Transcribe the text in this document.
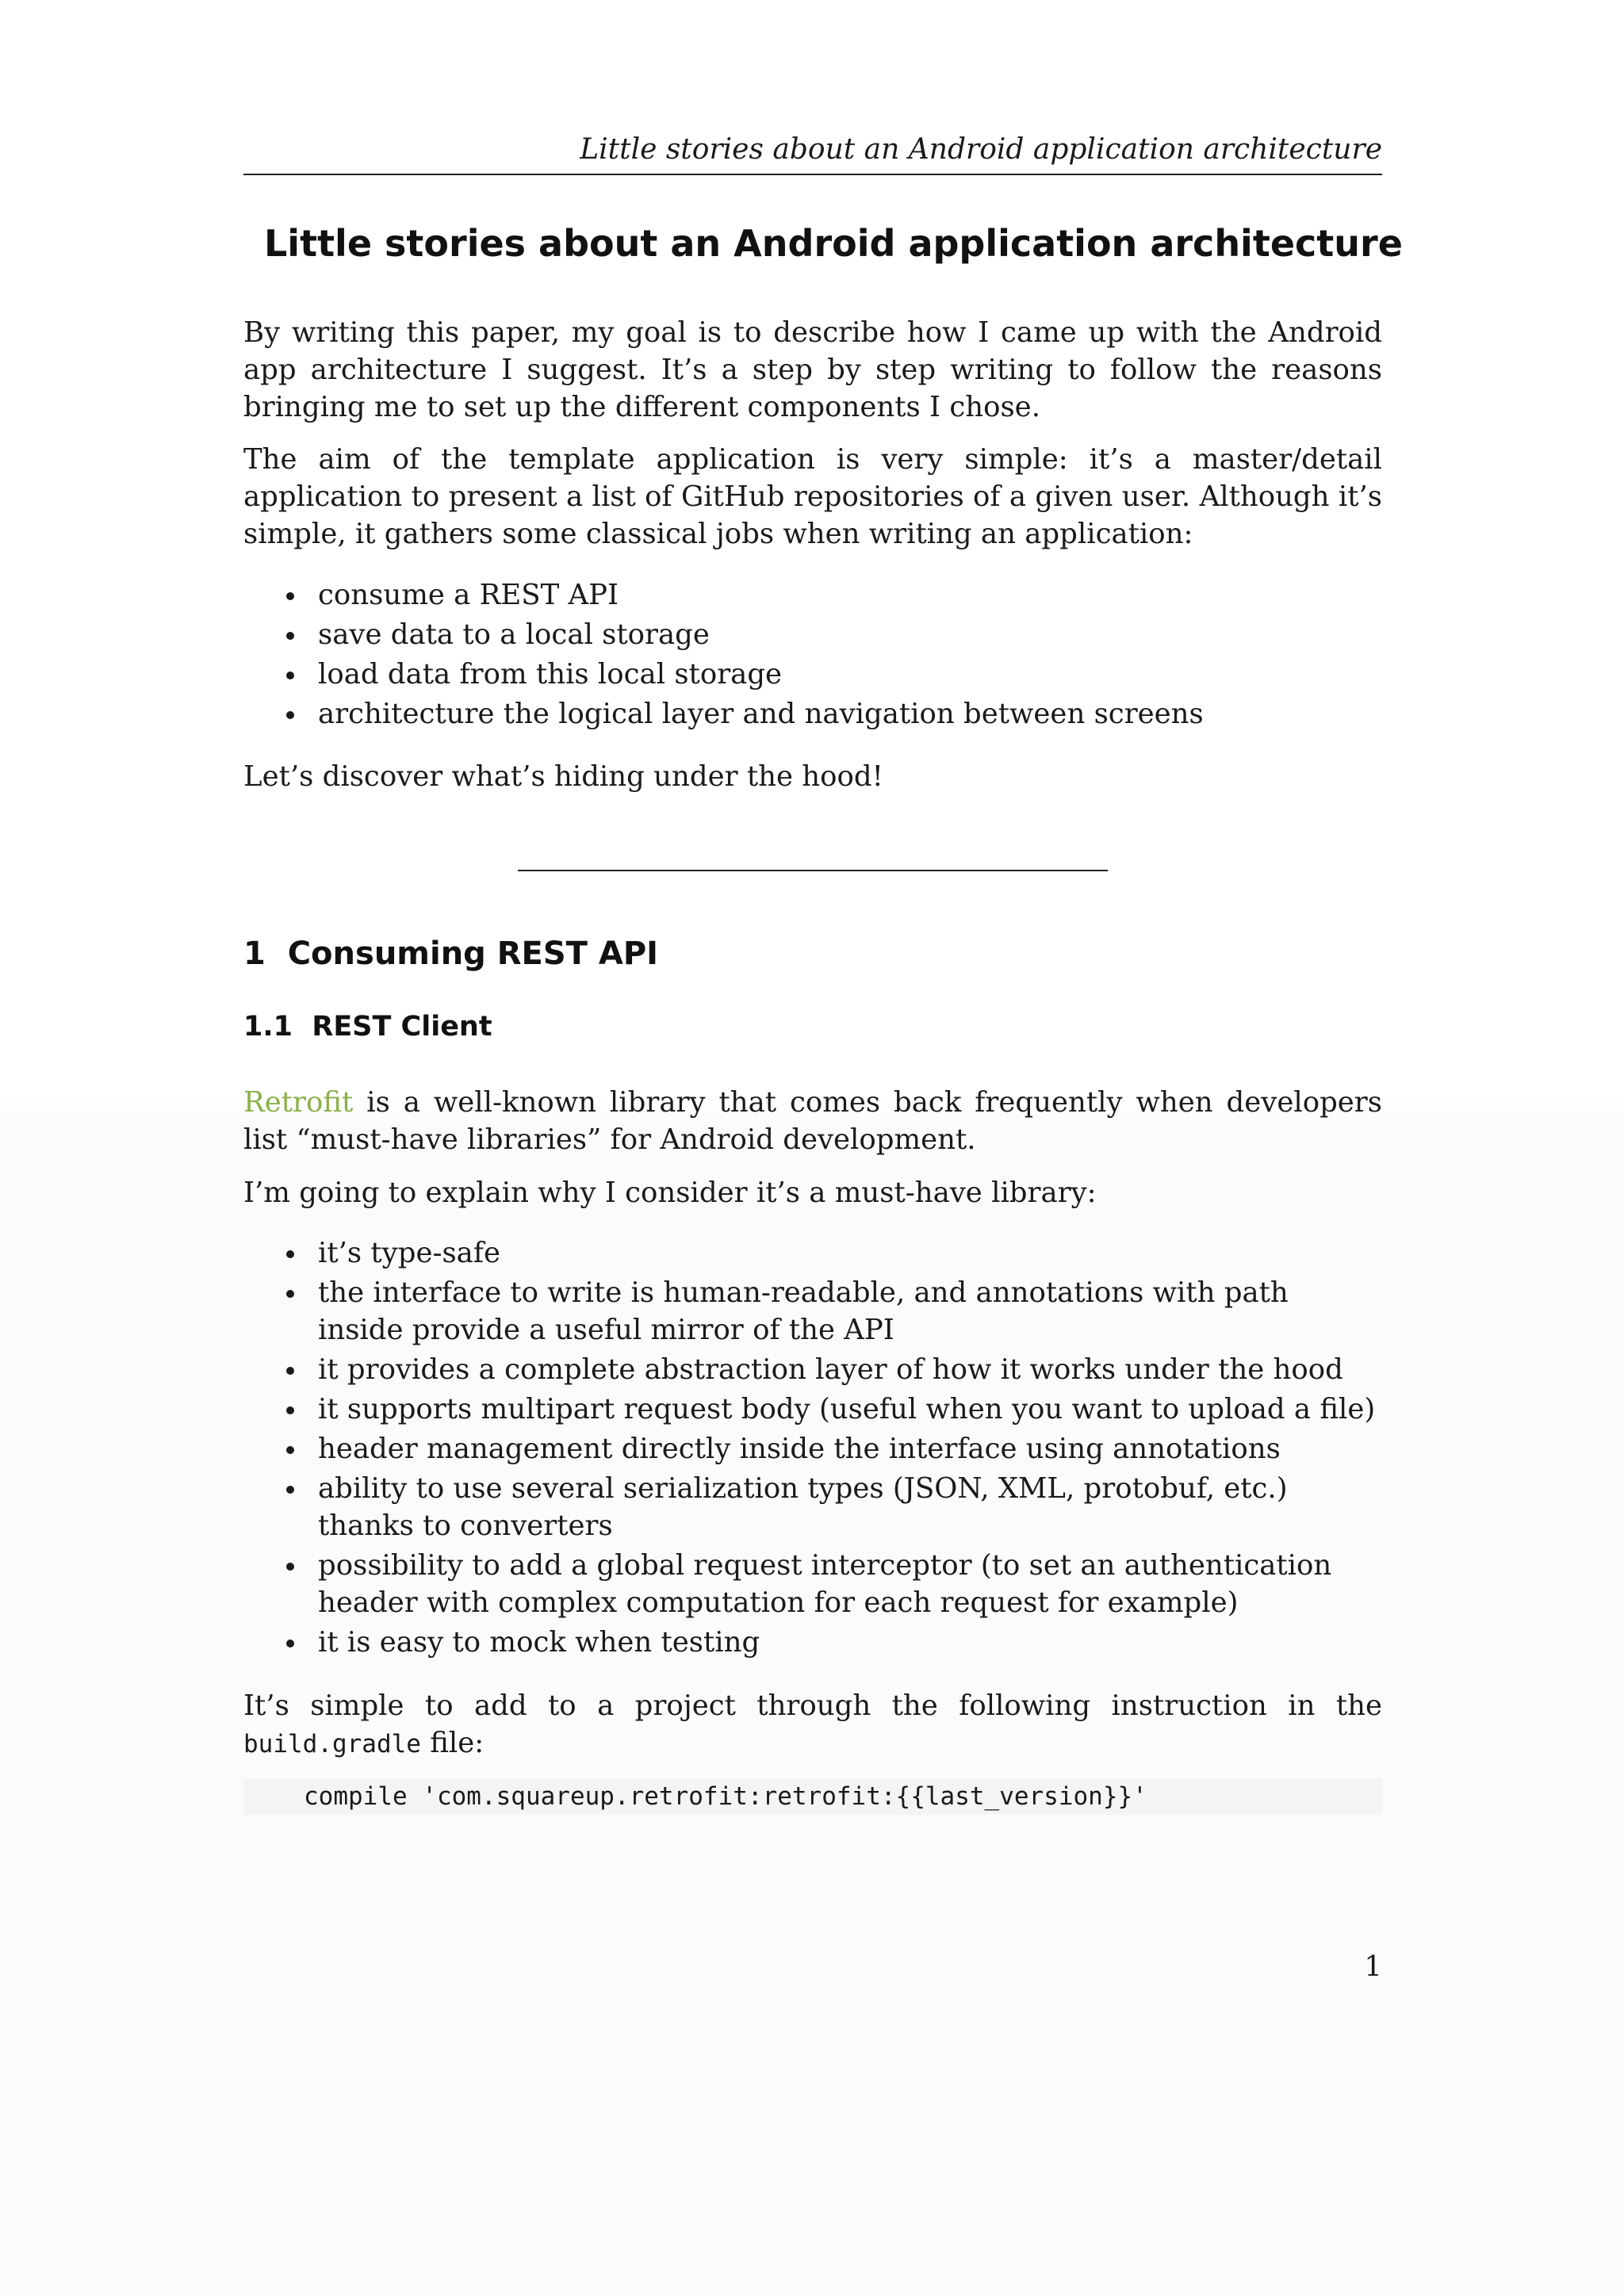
Little stories about an Android application architecture
Little stories about an Android application architecture

By writing this paper, my goal is to describe how I came up with the Android app architecture I suggest. It’s a step by step writing to follow the reasons bringing me to set up the different components I chose.

The aim of the template application is very simple: it’s a master/detail application to present a list of GitHub repositories of a given user. Although it’s simple, it gathers some classical jobs when writing an application:

consume a REST API
save data to a local storage
load data from this local storage
architecture the logical layer and navigation between screens

Let’s discover what’s hiding under the hood!

1 Consuming REST API
1.1 REST Client

Retrofit is a well-known library that comes back frequently when developers list “must-have libraries” for Android development.

I’m going to explain why I consider it’s a must-have library:

it’s type-safe
the interface to write is human-readable, and annotations with path inside provide a useful mirror of the API
it provides a complete abstraction layer of how it works under the hood
it supports multipart request body (useful when you want to upload a file)
header management directly inside the interface using annotations
ability to use several serialization types (JSON, XML, protobuf, etc.) thanks to converters
possibility to add a global request interceptor (to set an authentication header with complex computation for each request for example)
it is easy to mock when testing

It’s simple to add to a project through the following instruction in the build.gradle file:

compile 'com.squareup.retrofit:retrofit:{{last_version}}'
1
